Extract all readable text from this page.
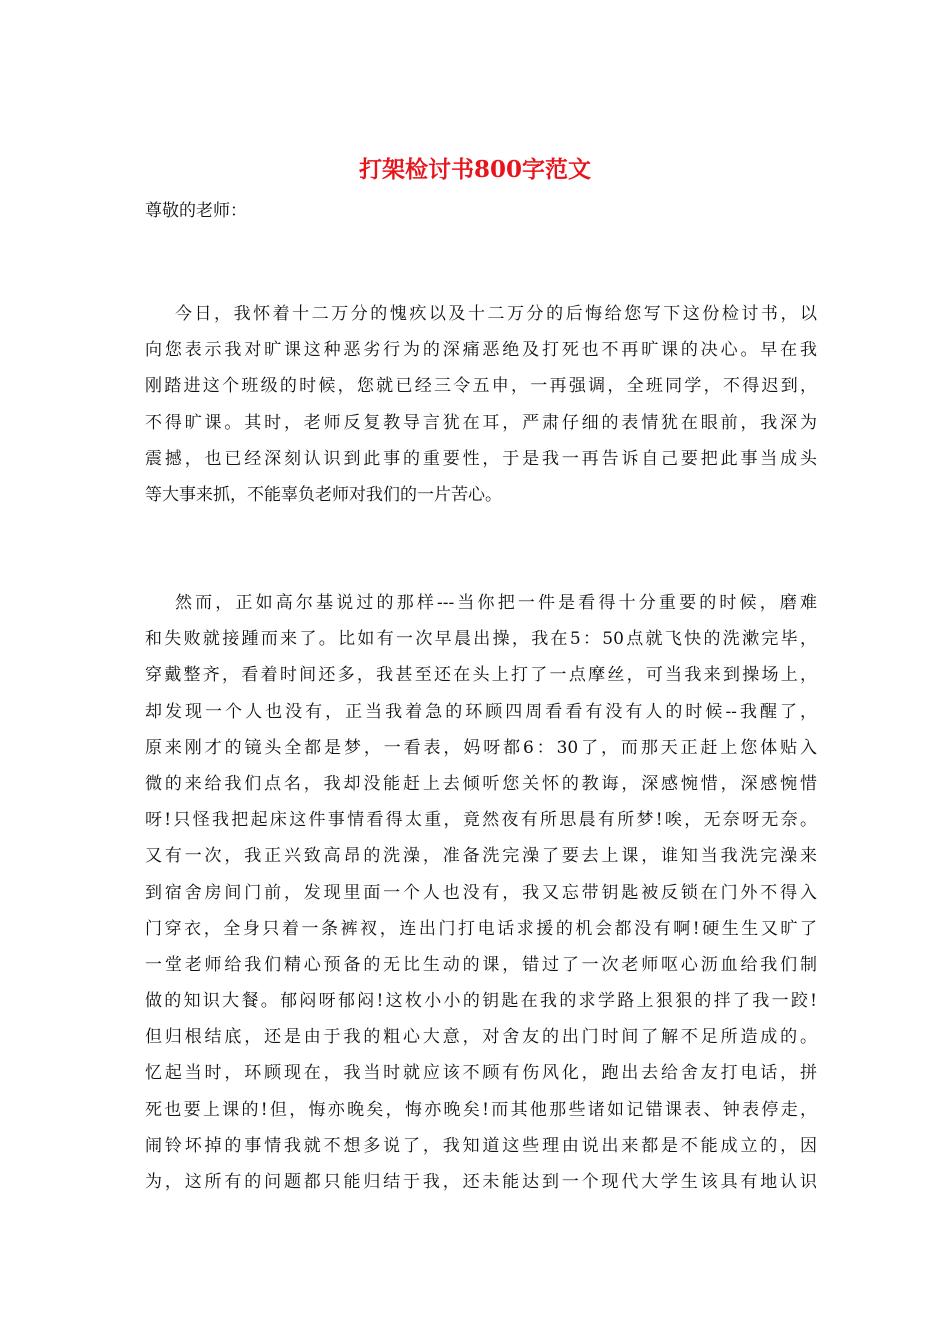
打架检讨书800字范文
尊敬的老师：
今日，我怀着十二万分的愧疚以及十二万分的后悔给您写下这份检讨书，以
向您表示我对旷课这种恶劣行为的深痛恶绝及打死也不再旷课的决心。早在我
刚踏进这个班级的时候，您就已经三令五申，一再强调，全班同学，不得迟到，
不得旷课。其时，老师反复教导言犹在耳，严肃仔细的表情犹在眼前，我深为
震撼，也已经深刻认识到此事的重要性，于是我一再告诉自己要把此事当成头
等大事来抓，不能辜负老师对我们的一片苦心。
然而，正如高尔基说过的那样---当你把一件是看得十分重要的时候，磨难
和失败就接踵而来了。比如有一次早晨出操，我在5：50点就飞快的洗漱完毕，
穿戴整齐，看着时间还多，我甚至还在头上打了一点摩丝，可当我来到操场上，
却发现一个人也没有，正当我着急的环顾四周看看有没有人的时候--我醒了，
原来刚才的镜头全都是梦，一看表，妈呀都6：30了，而那天正赶上您体贴入
微的来给我们点名，我却没能赶上去倾听您关怀的教诲，深感惋惜，深感惋惜
呀!只怪我把起床这件事情看得太重，竟然夜有所思晨有所梦!唉，无奈呀无奈。
又有一次，我正兴致高昂的洗澡，准备洗完澡了要去上课，谁知当我洗完澡来
到宿舍房间门前，发现里面一个人也没有，我又忘带钥匙被反锁在门外不得入
门穿衣，全身只着一条裤衩，连出门打电话求援的机会都没有啊!硬生生又旷了
一堂老师给我们精心预备的无比生动的课，错过了一次老师呕心沥血给我们制
做的知识大餐。郁闷呀郁闷!这枚小小的钥匙在我的求学路上狠狠的拌了我一跤!
但归根结底，还是由于我的粗心大意，对舍友的出门时间了解不足所造成的。
忆起当时，环顾现在，我当时就应该不顾有伤风化，跑出去给舍友打电话，拼
死也要上课的!但，悔亦晚矣，悔亦晚矣!而其他那些诸如记错课表、钟表停走，
闹铃坏掉的事情我就不想多说了，我知道这些理由说出来都是不能成立的，因
为，这所有的问题都只能归结于我，还未能达到一个现代大学生该具有地认识
